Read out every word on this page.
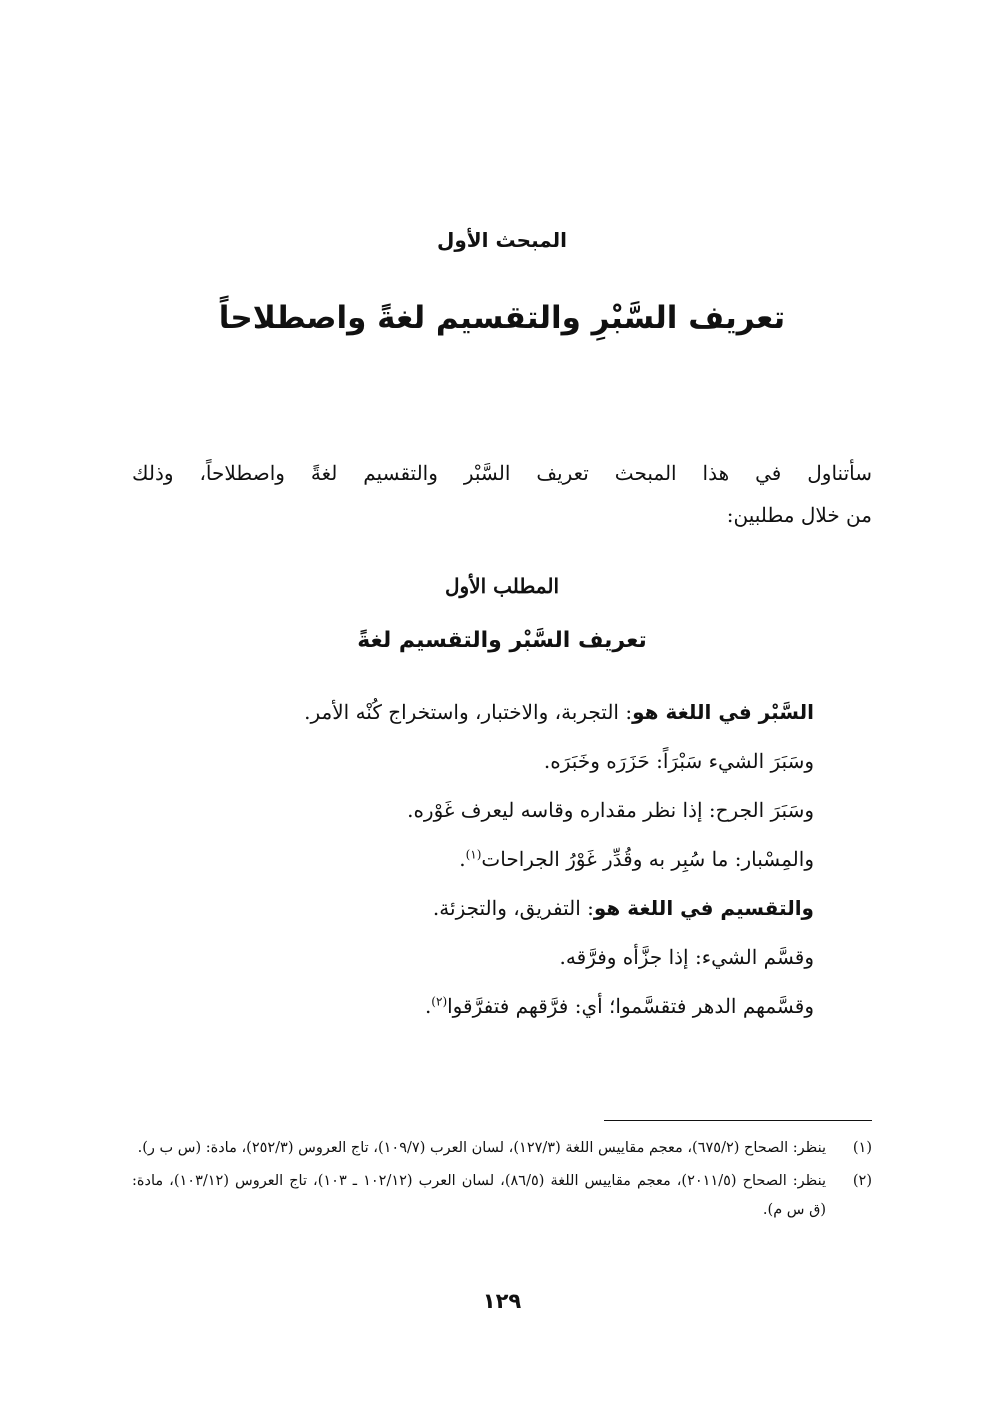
المبحث الأول
تعريف السَّبْرِ والتقسيم لغةً واصطلاحاً

سأتناول في هذا المبحث تعريف السَّبْر والتقسيم لغةً واصطلاحاً، وذلك
من خلال مطلبين:

المطلب الأول
تعريف السَّبْر والتقسيم لغةً
السَّبْر في اللغة هو: التجربة، والاختبار، واستخراج كُنْه الأمر.
وسَبَرَ الشيء سَبْرَاً: حَزَرَه وخَبَرَه.
وسَبَرَ الجرح: إذا نظر مقداره وقاسه ليعرف غَوْره.
والمِسْبار: ما سُبِر به وقُدِّر غَوْرُ الجراحات$^{(١)}$.
والتقسيم في اللغة هو: التفريق، والتجزئة.
وقسَّم الشيء: إذا جزَّأه وفرَّقه.
وقسَّمهم الدهر فتقسَّموا؛ أي: فرَّقهم فتفرَّقوا$^{(٢)}$.
(١)
ينظر: الصحاح (٦٧٥/٢)، معجم مقاييس اللغة (١٢٧/٣)، لسان العرب (١٠٩/٧)، تاج العروس (٢٥٢/٣)، مادة: (س ب ر).
(٢)
ينظر: الصحاح (٢٠١١/٥)، معجم مقاييس اللغة (٨٦/٥)، لسان العرب (١٠٢/١٢ ـ ١٠٣)، تاج العروس (١٠٣/١٢)، مادة: (ق س م).
١٢٩
